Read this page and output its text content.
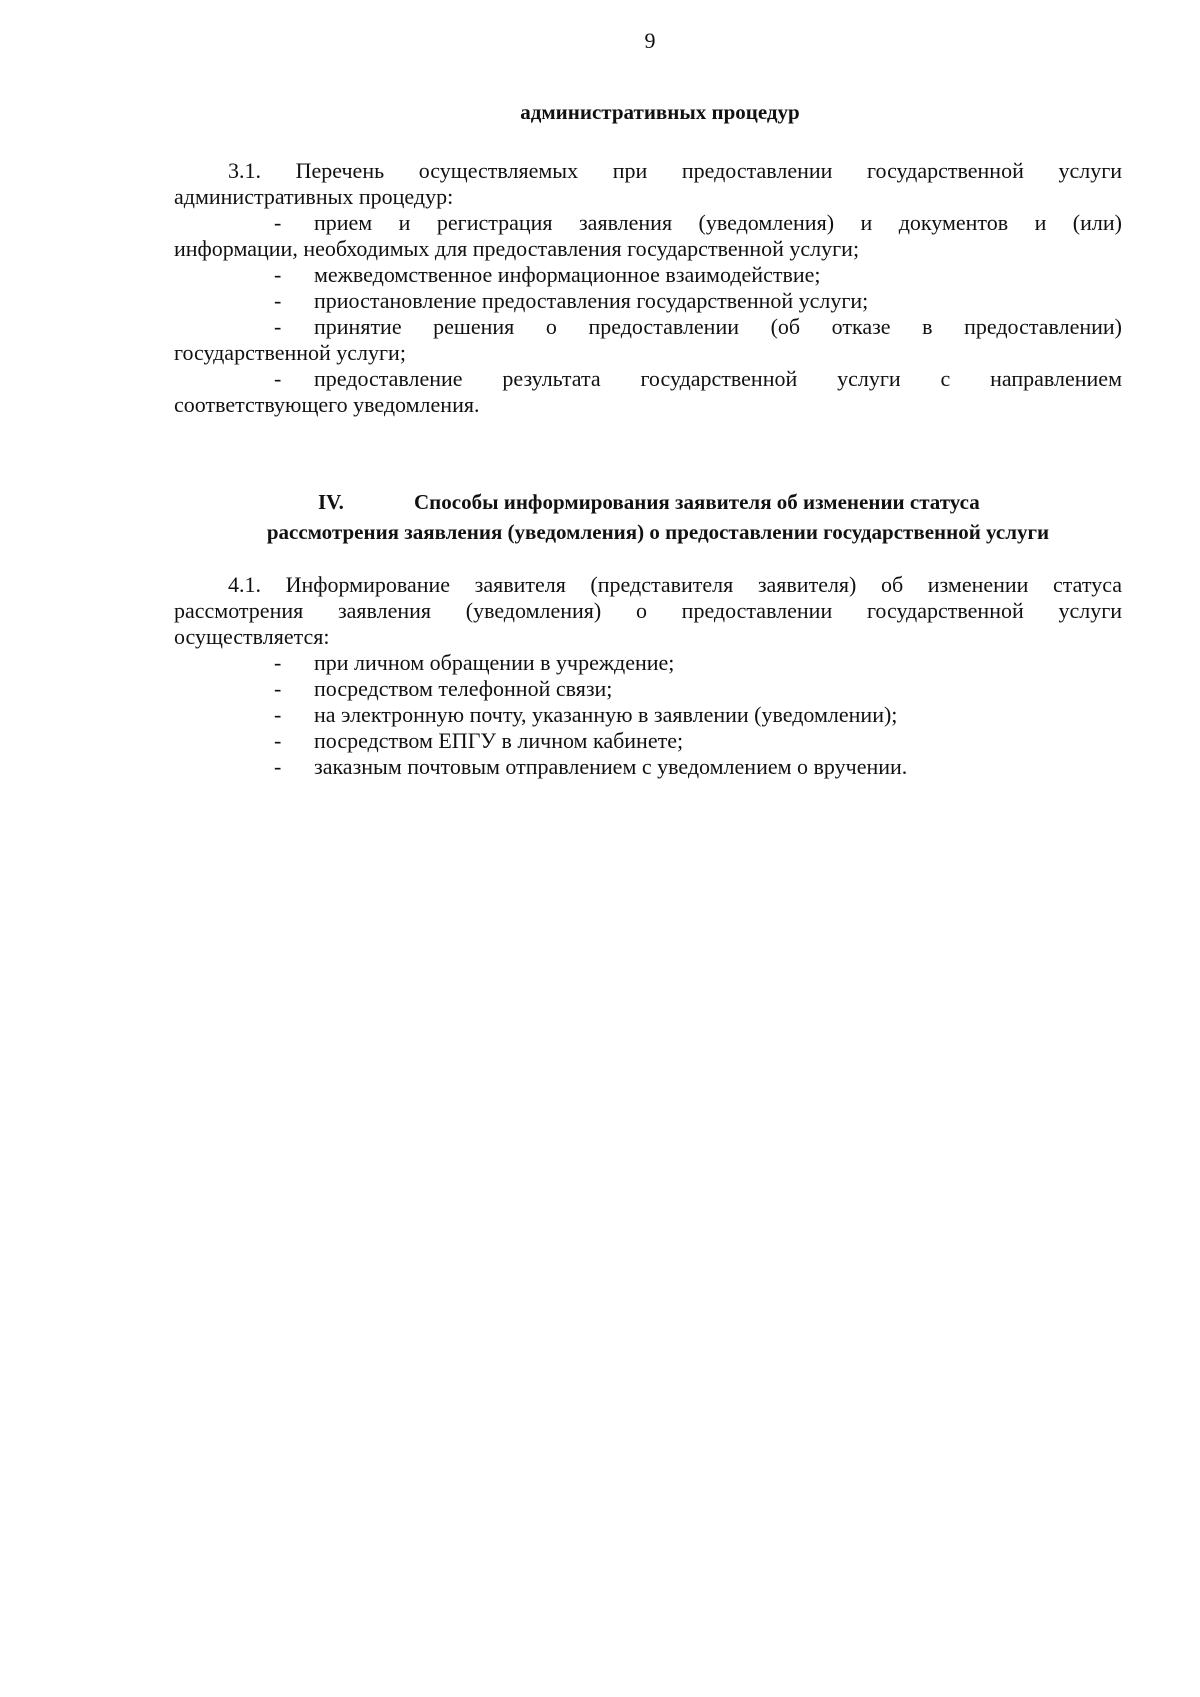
9
административных процедур

3.1. Перечень осуществляемых при предоставлении государственной услуги

административных процедур:

-	прием и регистрация заявления (уведомления) и документов и (или)

информации, необходимых для предоставления государственной услуги;

-	межведомственное информационное взаимодействие;
-	приостановление предоставления государственной услуги;
-	принятие решения о предоставлении (об отказе в предоставлении)

государственной услуги;

-	предоставление результата государственной услуги с направлением

соответствующего уведомления.

IV.	Способы информирования заявителя об изменении статуса
рассмотрения заявления (уведомления) о предоставлении государственной услуги

4.1. Информирование заявителя (представителя заявителя) об изменении статуса

рассмотрения заявления (уведомления) о предоставлении государственной услуги

осуществляется:

-	при личном обращении в учреждение;
-	посредством телефонной связи;
-	на электронную почту, указанную в заявлении (уведомлении);
-	посредством ЕПГУ в личном кабинете;
-	заказным почтовым отправлением с уведомлением о вручении.
